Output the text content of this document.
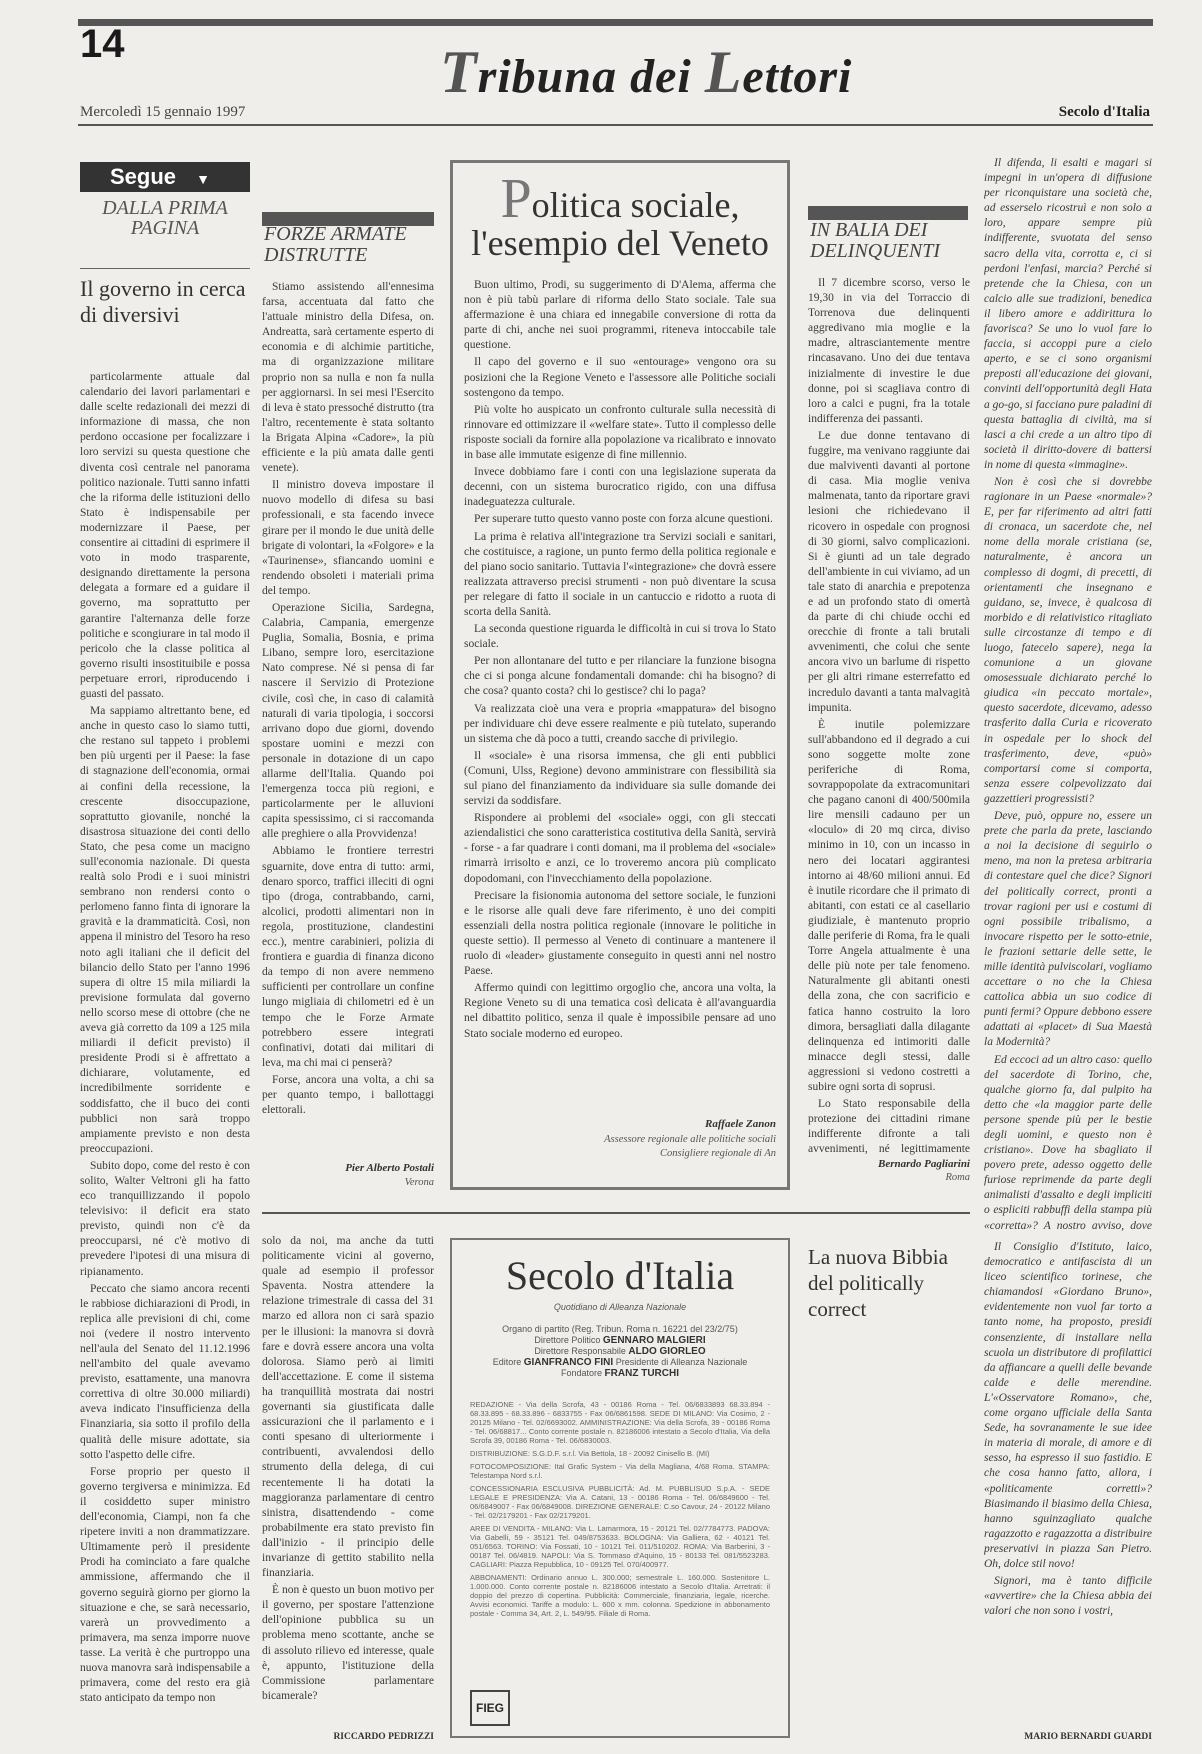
14	Tribuna dei Lettori
Mercoledì 15 gennaio 1997	Secolo d'Italia
Segue ▼
DALLA PRIMA PAGINA
Il governo in cerca di diversivi

particolarmente attuale dal calendario dei lavori parlamentari e dalle scelte redazionali dei mezzi di informazione di massa, che non perdono occasione per focalizzare i loro servizi su questa questione che diventa così centrale nel panorama politico nazionale. Tutti sanno infatti che la riforma delle istituzioni dello Stato è indispensabile per modernizzare il Paese, per consentire ai cittadini di esprimere il voto in modo trasparente, designando direttamente la persona delegata a formare ed a guidare il governo, ma soprattutto per garantire l'alternanza delle forze politiche e scongiurare in tal modo il pericolo che la classe politica al governo risulti insostituibile e possa perpetuare errori, riproducendo i guasti del passato.

Ma sappiamo altrettanto bene, ed anche in questo caso lo siamo tutti, che restano sul tappeto i problemi ben più urgenti per il Paese: la fase di stagnazione dell'economia, ormai ai confini della recessione, la crescente disoccupazione, soprattutto giovanile, nonché la disastrosa situazione dei conti dello Stato, che pesa come un macigno sull'economia nazionale. Di questa realtà solo Prodi e i suoi ministri sembrano non rendersi conto o perlomeno fanno finta di ignorare la gravità e la drammaticità. Così, non appena il ministro del Tesoro ha reso noto agli italiani che il deficit del bilancio dello Stato per l'anno 1996 supera di oltre 15 mila miliardi la previsione formulata dal governo nello scorso mese di ottobre (che ne aveva già corretto da 109 a 125 mila miliardi il deficit previsto) il presidente Prodi si è affrettato a dichiarare, volutamente, ed incredibilmente sorridente e soddisfatto, che il buco dei conti pubblici non sarà troppo ampiamente previsto e non desta preoccupazioni.

Subito dopo, come del resto è con solito, Walter Veltroni gli ha fatto eco tranquillizzando il popolo televisivo: il deficit era stato previsto, quindi non c'è da preoccuparsi, né c'è motivo di prevedere l'ipotesi di una misura di ripianamento.

Peccato che siamo ancora recenti le rabbiose dichiarazioni di Prodi, in replica alle previsioni di chi, come noi (vedere il nostro intervento nell'aula del Senato del 11.12.1996 nell'ambito del quale avevamo previsto, esattamente, una manovra correttiva di oltre 30.000 miliardi) aveva indicato l'insufficienza della Finanziaria, sia sotto il profilo della qualità delle misure adottate, sia sotto l'aspetto delle cifre.

Forse proprio per questo il governo tergiversa e minimizza. Ed il cosiddetto super ministro dell'economia, Ciampi, non fa che ripetere inviti a non drammatizzare. Ultimamente però il presidente Prodi ha cominciato a fare qualche ammissione, affermando che il governo seguirà giorno per giorno la situazione e che, se sarà necessario, varerà un provvedimento a primavera, ma senza imporre nuove tasse. La verità è che purtroppo una nuova manovra sarà indispensabile a primavera, come del resto era già stato anticipato da tempo non

FORZE ARMATE DISTRUTTE

Stiamo assistendo all'ennesima farsa, accentuata dal fatto che l'attuale ministro della Difesa, on. Andreatta, sarà certamente esperto di economia e di alchimie partitiche, ma di organizzazione militare proprio non sa nulla e non fa nulla per aggiornarsi. In sei mesi l'Esercito di leva è stato pressoché distrutto (tra l'altro, recentemente è stata soltanto la Brigata Alpina «Cadore», la più efficiente e la più amata dalle genti venete).

Il ministro doveva impostare il nuovo modello di difesa su basi professionali, e sta facendo invece girare per il mondo le due unità delle brigate di volontari, la «Folgore» e la «Taurinense», sfiancando uomini e rendendo obsoleti i materiali prima del tempo.

Operazione Sicilia, Sardegna, Calabria, Campania, emergenze Puglia, Somalia, Bosnia, e prima Libano, sempre loro, esercitazione Nato comprese. Né si pensa di far nascere il Servizio di Protezione civile, così che, in caso di calamità naturali di varia tipologia, i soccorsi arrivano dopo due giorni, dovendo spostare uomini e mezzi con personale in dotazione di un capo allarme dell'Italia. Quando poi l'emergenza tocca più regioni, e particolarmente per le alluvioni capita spessissimo, ci si raccomanda alle preghiere o alla Provvidenza!

Abbiamo le frontiere terrestri sguarnite, dove entra di tutto: armi, denaro sporco, traffici illeciti di ogni tipo (droga, contrabbando, carni, alcolici, prodotti alimentari non in regola, prostituzione, clandestini ecc.), mentre carabinieri, polizia di frontiera e guardia di finanza dicono da tempo di non avere nemmeno sufficienti per controllare un confine lungo migliaia di chilometri ed è un tempo che le Forze Armate potrebbero essere integrati confinativi, dotati dai militari di leva, ma chi mai ci penserà?

Forse, ancora una volta, a chi sa per quanto tempo, i ballottaggi elettorali.

Pier Alberto Postali
Verona
Politica sociale,
l'esempio del Veneto

Buon ultimo, Prodi, su suggerimento di D'Alema, afferma che non è più tabù parlare di riforma dello Stato sociale. Tale sua affermazione è una chiara ed innegabile conversione di rotta da parte di chi, anche nei suoi programmi, riteneva intoccabile tale questione.

Il capo del governo e il suo «entourage» vengono ora su posizioni che la Regione Veneto e l'assessore alle Politiche sociali sostengono da tempo.

Più volte ho auspicato un confronto culturale sulla necessità di rinnovare ed ottimizzare il «welfare state». Tutto il complesso delle risposte sociali da fornire alla popolazione va ricalibrato e innovato in base alle immutate esigenze di fine millennio.

Invece dobbiamo fare i conti con una legislazione superata da decenni, con un sistema burocratico rigido, con una diffusa inadeguatezza culturale.

Per superare tutto questo vanno poste con forza alcune questioni.

La prima è relativa all'integrazione tra Servizi sociali e sanitari, che costituisce, a ragione, un punto fermo della politica regionale e del piano socio sanitario. Tuttavia l'«integrazione» che dovrà essere realizzata attraverso precisi strumenti - non può diventare la scusa per relegare di fatto il sociale in un cantuccio e ridotto a ruota di scorta della Sanità.

La seconda questione riguarda le difficoltà in cui si trova lo Stato sociale.

Per non allontanare del tutto e per rilanciare la funzione bisogna che ci si ponga alcune fondamentali domande: chi ha bisogno? di che cosa? quanto costa? chi lo gestisce? chi lo paga?

Va realizzata cioè una vera e propria «mappatura» del bisogno per individuare chi deve essere realmente e più tutelato, superando un sistema che dà poco a tutti, creando sacche di privilegio.

Il «sociale» è una risorsa immensa, che gli enti pubblici (Comuni, Ulss, Regione) devono amministrare con flessibilità sia sul piano del finanziamento da individuare sia sulle domande dei servizi da soddisfare.

Rispondere ai problemi del «sociale» oggi, con gli steccati aziendalistici che sono caratteristica costitutiva della Sanità, servirà - forse - a far quadrare i conti domani, ma il problema del «sociale» rimarrà irrisolto e anzi, ce lo troveremo ancora più complicato dopodomani, con l'invecchiamento della popolazione.

Precisare la fisionomia autonoma del settore sociale, le funzioni e le risorse alle quali deve fare riferimento, è uno dei compiti essenziali della nostra politica regionale (innovare le politiche in queste settio). Il permesso al Veneto di continuare a mantenere il ruolo di «leader» giustamente conseguito in questi anni nel nostro Paese.

Affermo quindi con legittimo orgoglio che, ancora una volta, la Regione Veneto su di una tematica così delicata è all'avanguardia nel dibattito politico, senza il quale è impossibile pensare ad uno Stato sociale moderno ed europeo.

Raffaele Zanon
Assessore regionale alle politiche sociali
Consigliere regionale di An
IN BALIA DEI DELINQUENTI

Il 7 dicembre scorso, verso le 19,30 in via del Torraccio di Torrenova due delinquenti aggredivano mia moglie e la madre, altrasciantemente mentre rincasavano. Uno dei due tentava inizialmente di investire le due donne, poi si scagliava contro di loro a calci e pugni, fra la totale indifferenza dei passanti.

Le due donne tentavano di fuggire, ma venivano raggiunte dai due malviventi davanti al portone di casa. Mia moglie veniva malmenata, tanto da riportare gravi lesioni che richiedevano il ricovero in ospedale con prognosi di 30 giorni, salvo complicazioni. Si è giunti ad un tale degrado dell'ambiente in cui viviamo, ad un tale stato di anarchia e prepotenza e ad un profondo stato di omertà da parte di chi chiude occhi ed orecchie di fronte a tali brutali avvenimenti, che colui che sente ancora vivo un barlume di rispetto per gli altri rimane esterrefatto ed incredulo davanti a tanta malvagità impunita.

È inutile polemizzare sull'abbandono ed il degrado a cui sono soggette molte zone periferiche di Roma, sovrappopolate da extracomunitari che pagano canoni di 400/500mila lire mensili cadauno per un «loculo» di 20 mq circa, diviso minimo in 10, con un incasso in nero dei locatari aggirantesi intorno ai 48/60 milioni annui. Ed è inutile ricordare che il primato di abitanti, con estati ce al casellario giudiziale, è mantenuto proprio dalle periferie di Roma, fra le quali Torre Angela attualmente è una delle più note per tale fenomeno. Naturalmente gli abitanti onesti della zona, che con sacrificio e fatica hanno costruito la loro dimora, bersagliati dalla dilagante delinquenza ed intimoriti dalle minacce degli stessi, dalle aggressioni si vedono costretti a subire ogni sorta di soprusi.

Lo Stato responsabile della protezione dei cittadini rimane indifferente difronte a tali avvenimenti, né legittimamente

Bernardo Pagliarini
Roma

Il difenda, li esalti e magari si impegni in un'opera di diffusione per riconquistare una società che, ad esserselo ricostruì e non solo a loro, appare sempre più indifferente, svuotata del senso sacro della vita, corrotta e, ci si perdoni l'enfasi, marcia? Perché si pretende che la Chiesa, con un calcio alle sue tradizioni, benedica il libero amore e addirittura lo favorisca? Se uno lo vuol fare lo faccia, si accoppi pure a cielo aperto, e se ci sono organismi preposti all'educazione dei giovani, convinti dell'opportunità degli Hata a go-go, si facciano pure paladini di questa battaglia di civiltà, ma si lasci a chi crede a un altro tipo di società il diritto-dovere di battersi in nome di questa «immagine».

Non è così che si dovrebbe ragionare in un Paese «normale»? E, per far riferimento ad altri fatti di cronaca, un sacerdote che, nel nome della morale cristiana (se, naturalmente, è ancora un complesso di dogmi, di precetti, di orientamenti che insegnano e guidano, se, invece, è qualcosa di morbido e di relativistico ritagliato sulle circostanze di tempo e di luogo, fatecelo sapere), nega la comunione a un giovane omosessuale dichiarato perché lo giudica «in peccato mortale», questo sacerdote, dicevamo, adesso trasferito dalla Curia e ricoverato in ospedale per lo shock del trasferimento, deve, «può» comportarsi come si comporta, senza essere colpevolizzato dai gazzettieri progressisti?

Deve, può, oppure no, essere un prete che parla da prete, lasciando a noi la decisione di seguirlo o meno, ma non la pretesa arbitraria di contestare quel che dice? Signori del politically correct, pronti a trovar ragioni per usi e costumi di ogni possibile tribalismo, a invocare rispetto per le sotto-etnie, le frazioni settarie delle sette, le mille identità pulviscolari, vogliamo accettare o no che la Chiesa cattolica abbia un suo codice di punti fermi? Oppure debbono essere adattati ai «placet» di Sua Maestà la Modernità?

Ed eccoci ad un altro caso: quello del sacerdote di Torino, che, qualche giorno fa, dal pulpito ha detto che «la maggior parte delle persone spende più per le bestie degli uomini, e questo non è cristiano». Dove ha sbagliato il povero prete, adesso oggetto delle furiose reprimende da parte degli animalisti d'assalto e degli impliciti o espliciti rabbuffi della stampa più «corretta»? A nostro avviso, dove

Il Consiglio d'Istituto, laico, democratico e antifascista di un liceo scientifico torinese, che chiamandosi «Giordano Bruno», evidentemente non vuol far torto a tanto nome, ha proposto, presidi consenziente, di installare nella scuola un distributore di profilattici da affiancare a quelli delle bevande calde e delle merendine. L'«Osservatore Romano», che, come organo ufficiale della Santa Sede, ha sovranamente le sue idee in materia di morale, di amore e di sesso, ha espresso il suo fastidio. E che cosa hanno fatto, allora, i «politicamente corretti»? Biasimando il biasimo della Chiesa, hanno sguinzagliato qualche ragazzotto e ragazzotta a distribuire preservativi in piazza San Pietro. Oh, dolce stil novo!

Signori, ma è tanto difficile «avvertire» che la Chiesa abbia dei valori che non sono i vostri,

MARIO BERNARDI GUARDI
La nuova Bibbia del politically correct

solo da noi, ma anche da tutti politicamente vicini al governo, quale ad esempio il professor Spaventa. Nostra attendere la relazione trimestrale di cassa del 31 marzo ed allora non ci sarà spazio per le illusioni: la manovra si dovrà fare e dovrà essere ancora una volta dolorosa. Siamo però ai limiti dell'accettazione. E come il sistema ha tranquillità mostrata dai nostri governanti sia giustificata dalle assicurazioni che il parlamento e i conti spesano di ulteriormente i contribuenti, avvalendosi dello strumento della delega, di cui recentemente li ha dotati la maggioranza parlamentare di centro sinistra, disattendendo - come probabilmente era stato previsto fin dall'inizio - il principio delle invarianze di gettito stabilito nella finanziaria.

È non è questo un buon motivo per il governo, per spostare l'attenzione dell'opinione pubblica su un problema meno scottante, anche se di assoluto rilievo ed interesse, quale è, appunto, l'istituzione della Commissione parlamentare bicamerale?

RICCARDO PEDRIZZI
Secolo d'Italia
Quotidiano di Alleanza Nazionale
Organo di partito (Reg. Tribun. Roma n. 16221 del 23/2/75)
Direttore Politico GENNARO MALGIERI
Direttore Responsabile ALDO GIORLEO
Editore GIANFRANCO FINI Presidente di Alleanza Nazionale
Fondatore FRANZ TURCHI

REDAZIONE - Via della Scrofa, 43 - 00186 Roma - Tel. 06/6833893 68.33.894 - 68.33.895 - 68.33.896 - 6833755 - Fax 06/6861598. SEDE DI MILANO: Via Cosimo, 2 - 20125 Milano - Tel. 02/6693002. AMMINISTRAZIONE: Via della Scrofa, 39 - 00186 Roma - Tel. 06/68817... Conto corrente postale n. 82186006 intestato a Secolo d'Italia, Via della Scrofa 39, 00186 Roma - Tel. 06/6830003.

DISTRIBUZIONE: S.G.D.F. s.r.l. Via Bettola, 18 - 20092 Cinisello B. (MI)

FOTOCOMPOSIZIONE: Ital Grafic System - Via della Magliana, 4/68 Roma. STAMPA: Telestampa Nord s.r.l.

CONCESSIONARIA ESCLUSIVA PUBBLICITÀ: Ad. M. PUBBLISUD S.p.A. - SEDE LEGALE E PRESIDENZA: Via A. Catani, 13 - 00186 Roma - Tel. 06/6849600 - Tel. 06/6849007 - Fax 06/6849008. DIREZIONE GENERALE: C.so Cavour, 24 - 20122 Milano - Tel. 02/2179201 - Fax 02/2179201.

AREE DI VENDITA - MILANO: Via L. Lamarmora, 15 - 20121 Tel. 02/7784773. PADOVA: Via Gabelli, 59 - 35121 Tel. 049/8753633. BOLOGNA: Via Galliera, 62 - 40121 Tel. 051/6563. TORINO: Via Fossati, 10 - 10121 Tel. 011/510202. ROMA: Via Barberini, 3 - 00187 Tel. 06/4819. NAPOLI: Via S. Tommaso d'Aquino, 15 - 80133 Tel. 081/5523283. CAGLIARI: Piazza Repubblica, 10 - 09125 Tel. 070/400977.

ABBONAMENTI: Ordinario annuo L. 300.000; semestrale L. 160.000. Sostenitore L. 1.000.000. Conto corrente postale n. 82186006 intestato a Secolo d'Italia. Arretrati: il doppio del prezzo di copertina. Pubblicità: Commerciale, finanziaria, legale, ricerche. Avvisi economici. Tariffe a modulo: L. 600 x mm. colonna. Spedizione in abbonamento postale - Comma 34, Art. 2, L. 549/95. Filiale di Roma.

FIEG
